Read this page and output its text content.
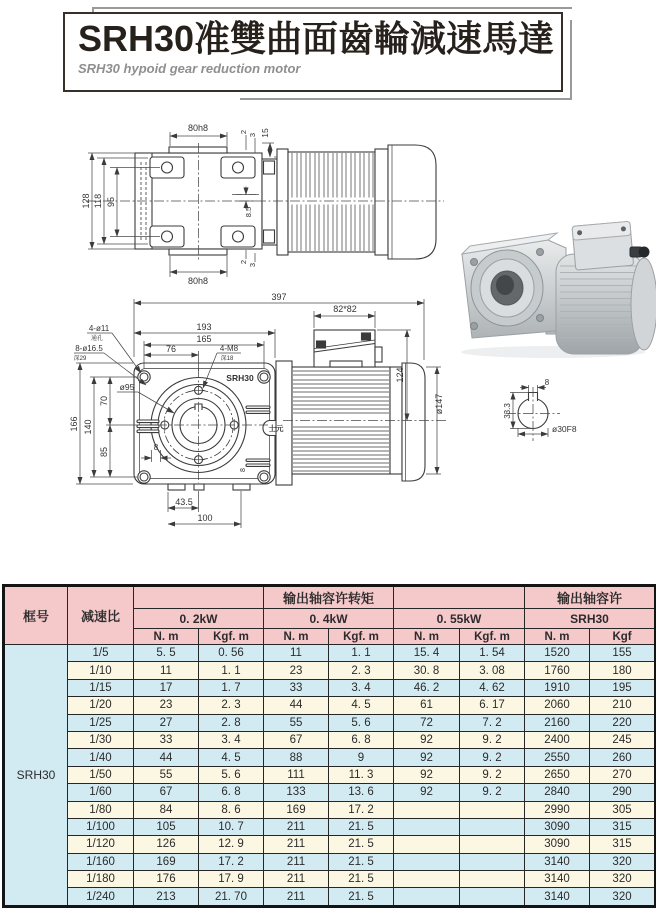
SRH30准雙曲面齒輪減速馬達
SRH30 hypoid gear reduction motor
80h8	2
3 15
128 118 95
8.5
80h8
2
3
397
193
165
76
4-ø11
通孔
8-ø16.5
深29
4-M8
深18
ø95
SRH30
士元
166 140
70
85	8
8
43.5
100
82*82
124
ø147
8
33.3
ø30F8
框号	减速比			输出轴容许转矩				输出轴容许	
		0. 2kW		0. 4kW		0. 55kW		SRH30	
		N. m	Kgf. m	N. m	Kgf. m	N. m	Kgf. m	N. m	Kgf
SRH30	1/5	5. 5	0. 56	11	1. 1	15. 4	1. 54	1520	155
	1/10	11	1. 1	23	2. 3	30. 8	3. 08	1760	180
	1/15	17	1. 7	33	3. 4	46. 2	4. 62	1910	195
	1/20	23	2. 3	44	4. 5	61	6. 17	2060	210
	1/25	27	2. 8	55	5. 6	72	7. 2	2160	220
	1/30	33	3. 4	67	6. 8	92	9. 2	2400	245
	1/40	44	4. 5	88	9	92	9. 2	2550	260
	1/50	55	5. 6	111	11. 3	92	9. 2	2650	270
	1/60	67	6. 8	133	13. 6	92	9. 2	2840	290
	1/80	84	8. 6	169	17. 2			2990	305
	1/100	105	10. 7	211	21. 5			3090	315
	1/120	126	12. 9	211	21. 5			3090	315
	1/160	169	17. 2	211	21. 5			3140	320
	1/180	176	17. 9	211	21. 5			3140	320
	1/240	213	21. 70	211	21. 5			3140	320
